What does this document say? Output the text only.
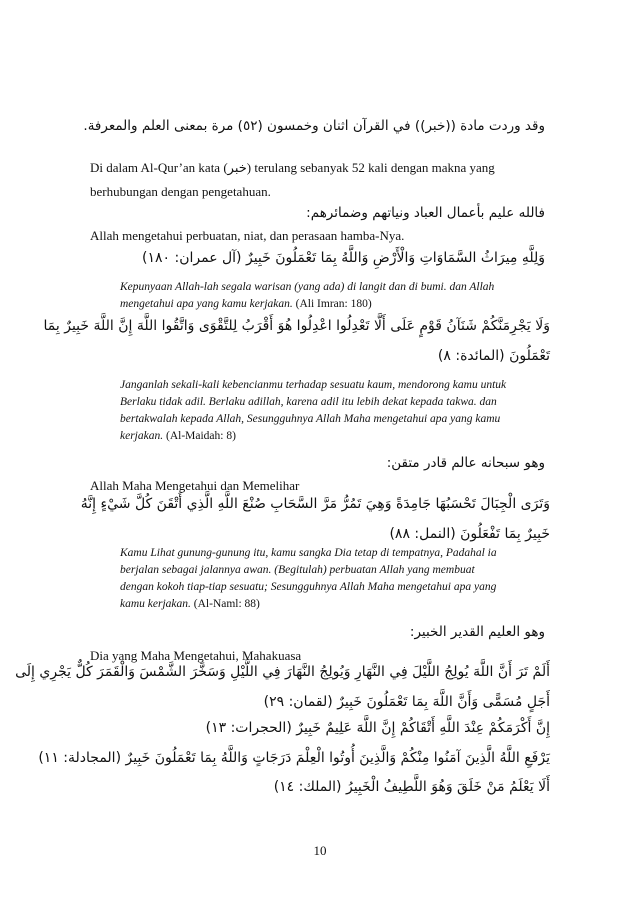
وقد وردت مادة ((خبر)) في القرآن اثنان وخمسون (٥٢) مرة بمعنى العلم والمعرفة.
Di dalam Al-Qur’an kata (خبر) terulang sebanyak 52 kali dengan makna yang
berhubungan dengan pengetahuan.
فالله عليم بأعمال العباد ونياتهم وضمائرهم:
Allah mengetahui perbuatan, niat, dan perasaan hamba-Nya.
وَلِلَّهِ مِيرَاثُ السَّمَاوَاتِ وَالْأَرْضِ وَاللَّهُ بِمَا تَعْمَلُونَ خَبِيرٌ (آل عمران: ١٨٠)
Kepunyaan Allah-lah segala warisan (yang ada) di langit dan di bumi. dan Allah
mengetahui apa yang kamu kerjakan. (Ali Imran: 180)
وَلَا يَجْرِمَنَّكُمْ شَنَآنُ قَوْمٍ عَلَى أَلَّا تَعْدِلُوا اعْدِلُوا هُوَ أَقْرَبُ لِلتَّقْوَى وَاتَّقُوا اللَّهَ إِنَّ اللَّهَ خَبِيرٌ بِمَا
تَعْمَلُونَ (المائدة: ٨)
Janganlah sekali-kali kebencianmu terhadap sesuatu kaum, mendorong kamu untuk
Berlaku tidak adil. Berlaku adillah, karena adil itu lebih dekat kepada takwa. dan
bertakwalah kepada Allah, Sesungguhnya Allah Maha mengetahui apa yang kamu
kerjakan. (Al-Maidah: 8)
وهو سبحانه عالم قادر متقن:
Allah Maha Mengetahui dan Memelihar
وَتَرَى الْجِبَالَ تَحْسَبُهَا جَامِدَةً وَهِيَ تَمُرُّ مَرَّ السَّحَابِ صُنْعَ اللَّهِ الَّذِي أَتْقَنَ كُلَّ شَيْءٍ إِنَّهُ
خَبِيرٌ بِمَا تَفْعَلُونَ (النمل: ٨٨)
Kamu Lihat gunung-gunung itu, kamu sangka Dia tetap di tempatnya, Padahal ia
berjalan sebagai jalannya awan. (Begitulah) perbuatan Allah yang membuat
dengan kokoh tiap-tiap sesuatu; Sesungguhnya Allah Maha mengetahui apa yang
kamu kerjakan. (Al-Naml: 88)
وهو العليم القدير الخبير:
Dia yang Maha Mengetahui, Mahakuasa
أَلَمْ تَرَ أَنَّ اللَّهَ يُولِجُ اللَّيْلَ فِي النَّهَارِ وَيُولِجُ النَّهَارَ فِي اللَّيْلِ وَسَخَّرَ الشَّمْسَ وَالْقَمَرَ كُلٌّ يَجْرِي إِلَى
أَجَلٍ مُسَمًّى وَأَنَّ اللَّهَ بِمَا تَعْمَلُونَ خَبِيرٌ (لقمان: ٢٩)
إِنَّ أَكْرَمَكُمْ عِنْدَ اللَّهِ أَتْقَاكُمْ إِنَّ اللَّهَ عَلِيمٌ خَبِيرٌ (الحجرات: ١٣)
يَرْفَعِ اللَّهُ الَّذِينَ آمَنُوا مِنْكُمْ وَالَّذِينَ أُوتُوا الْعِلْمَ دَرَجَاتٍ وَاللَّهُ بِمَا تَعْمَلُونَ خَبِيرٌ (المجادلة: ١١)
أَلَا يَعْلَمُ مَنْ خَلَقَ وَهُوَ اللَّطِيفُ الْخَبِيرُ (الملك: ١٤)
10
